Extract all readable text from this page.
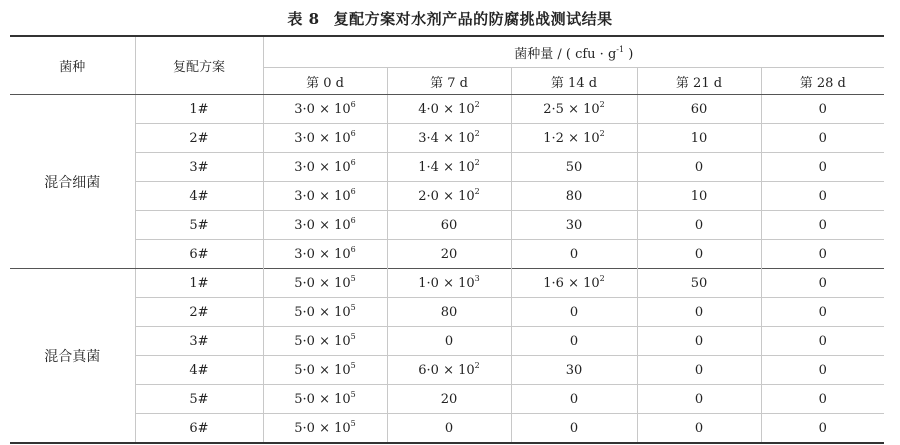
表 8 复配方案对水剂产品的防腐挑战测试结果
菌种	复配方案	菌种量 / ( cfu · $g^{-1}$ )				
		第 0 d	第 7 d	第 14 d	第 21 d	第 28 d
混合细菌	1#	$3\cdot 0 \times 10^6$	$4\cdot 0 \times 10^2$	$2\cdot 5 \times 10^2$	60	0
	2#	$3\cdot 0 \times 10^6$	$3\cdot 4 \times 10^2$	$1\cdot 2 \times 10^2$	10	0
	3#	$3\cdot 0 \times 10^6$	$1\cdot 4 \times 10^2$	50	0	0
	4#	$3\cdot 0 \times 10^6$	$2\cdot 0 \times 10^2$	80	10	0
	5#	$3\cdot 0 \times 10^6$	60	30	0	0
	6#	$3\cdot 0 \times 10^6$	20	0	0	0
混合真菌	1#	$5\cdot 0 \times 10^5$	$1\cdot 0 \times 10^3$	$1\cdot 6 \times 10^2$	50	0
	2#	$5\cdot 0 \times 10^5$	80	0	0	0
	3#	$5\cdot 0 \times 10^5$	0	0	0	0
	4#	$5\cdot 0 \times 10^5$	$6\cdot 0 \times 10^2$	30	0	0
	5#	$5\cdot 0 \times 10^5$	20	0	0	0
	6#	$5\cdot 0 \times 10^5$	0	0	0	0
